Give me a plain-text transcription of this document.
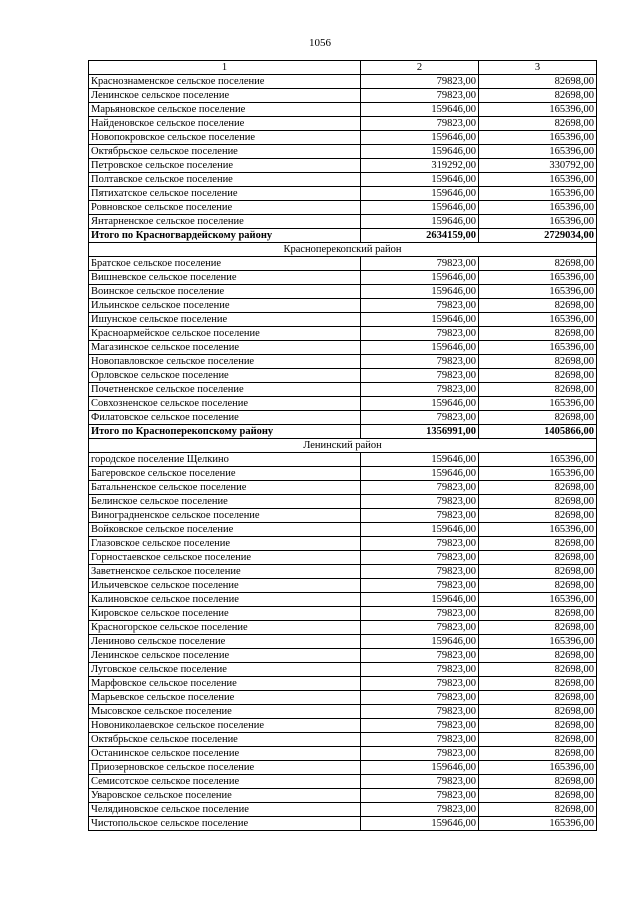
1056
1	2	3
Краснознаменское сельское поселение	79823,00	82698,00
Ленинское сельское поселение	79823,00	82698,00
Марьяновское сельское поселение	159646,00	165396,00
Найденовское сельское поселение	79823,00	82698,00
Новопокровское сельское поселение	159646,00	165396,00
Октябрьское сельское поселение	159646,00	165396,00
Петровское сельское поселение	319292,00	330792,00
Полтавское сельское поселение	159646,00	165396,00
Пятихатское сельское поселение	159646,00	165396,00
Ровновское сельское поселение	159646,00	165396,00
Янтарненское сельское поселение	159646,00	165396,00
Итого по Красногвардейскому району	2634159,00	2729034,00
Красноперекопский район		
Братское сельское поселение	79823,00	82698,00
Вишневское сельское поселение	159646,00	165396,00
Воинское сельское поселение	159646,00	165396,00
Ильинское сельское поселение	79823,00	82698,00
Ишунское сельское поселение	159646,00	165396,00
Красноармейское сельское поселение	79823,00	82698,00
Магазинское сельское поселение	159646,00	165396,00
Новопавловское сельское поселение	79823,00	82698,00
Орловское сельское поселение	79823,00	82698,00
Почетненское сельское поселение	79823,00	82698,00
Совхозненское сельское поселение	159646,00	165396,00
Филатовское сельское поселение	79823,00	82698,00
Итого по Красноперекопскому району	1356991,00	1405866,00
Ленинский район		
городское поселение Щелкино	159646,00	165396,00
Багеровское сельское поселение	159646,00	165396,00
Батальненское сельское поселение	79823,00	82698,00
Белинское сельское поселение	79823,00	82698,00
Виноградненское сельское поселение	79823,00	82698,00
Войковское сельское поселение	159646,00	165396,00
Глазовское сельское поселение	79823,00	82698,00
Горностаевское сельское поселение	79823,00	82698,00
Заветненское сельское поселение	79823,00	82698,00
Ильичевское сельское поселение	79823,00	82698,00
Калиновское сельское поселение	159646,00	165396,00
Кировское сельское поселение	79823,00	82698,00
Красногорское сельское поселение	79823,00	82698,00
Лениново сельское поселение	159646,00	165396,00
Ленинское сельское поселение	79823,00	82698,00
Луговское сельское поселение	79823,00	82698,00
Марфовское сельское поселение	79823,00	82698,00
Марьевское сельское поселение	79823,00	82698,00
Мысовское сельское поселение	79823,00	82698,00
Новониколаевское сельское поселение	79823,00	82698,00
Октябрьское сельское поселение	79823,00	82698,00
Останинское сельское поселение	79823,00	82698,00
Приозерновское сельское поселение	159646,00	165396,00
Семисотское сельское поселение	79823,00	82698,00
Уваровское сельское поселение	79823,00	82698,00
Челядиновское сельское поселение	79823,00	82698,00
Чистопольское сельское поселение	159646,00	165396,00
